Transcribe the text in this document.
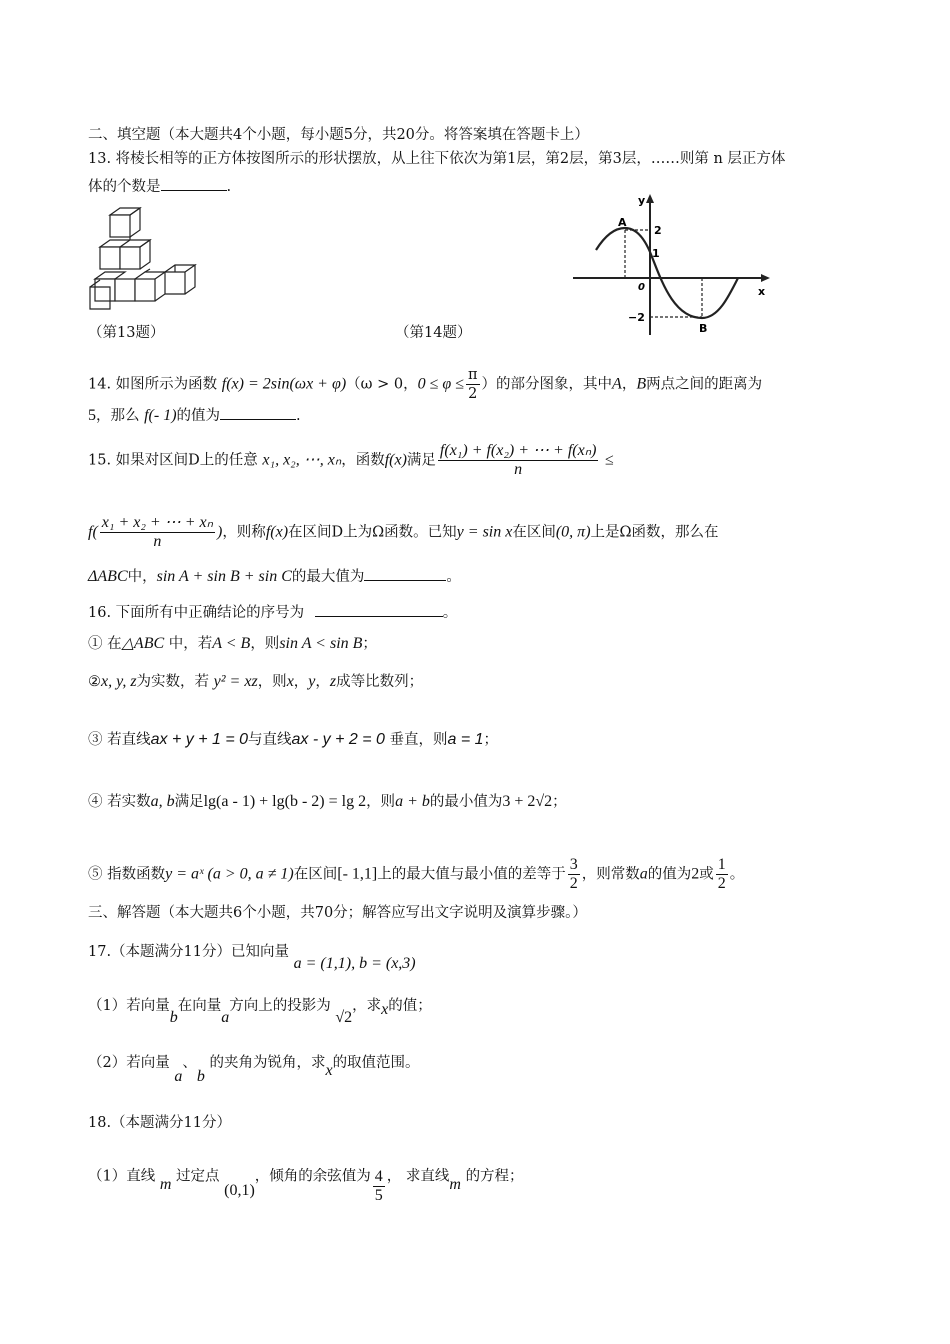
二、填空题（本大题共4个小题，每小题5分，共20分。将答案填在答题卡上）
13. 将棱长相等的正方体按图所示的形状摆放，从上往下依次为第1层，第2层，第3层，……则第 n 层正方体
体的个数是	.
（第13题）	（第14题）
y
x
0
A
B
2
1
−2
14. 如图所示为函数 f(x) = 2sin(ωx + φ)（ω > 0，$0 \le \varphi \le \frac{\pi}{2}$ ）的部分图象，其中A，B两点之间的距离为
5，那么 f(- 1)的值为	.
15. 如果对区间D上的任意 x₁, x₂, ⋯, xₙ，函数f(x)满足 $\frac{\text{f(x₁) + f(x₂) + ⋯ + f(xₙ)}}{n}$ ≤
$f( \frac{\text{x₁ + x₂ + ⋯ + xₙ}}{n}$ )，则称f(x)在区间D上为Ω函数。已知y = sin x在区间(0, π)上是Ω函数，那么在
ΔABC中，sin A + sin B + sin C的最大值为	。
16. 下面所有中正确结论的序号为	。
① 在△ABC 中，若A < B，则sin A < sin B；
②x, y, z为实数，若 y² = xz，则x，y，z成等比数列；
③ 若直线ax + y + 1 = 0与直线ax - y + 2 = 0 垂直，则a = 1；
④ 若实数a, b满足lg(a - 1) + lg(b - 2) = lg 2，则a + b的最小值为3 + 2√2；
⑤ 指数函数y = aˣ (a > 0, a ≠ 1)在区间[- 1,1]上的最大值与最小值的差等于 $\frac{3}{2}$ ，则常数a的值为2或 $\frac{1}{2}$ 。
三、解答题（本大题共6个小题，共70分；解答应写出文字说明及演算步骤。）
17.（本题满分11分）已知向量 a = (1,1), b = (x,3)
（1）若向量b在向量a方向上的投影为 √2，求x的值；
（2）若向量 a、b 的夹角为锐角，求x的取值范围。
18.（本题满分11分）
（1）直线 m 过定点 (0,1)，倾角的余弦值为 $\frac{4}{5}$ ， 求直线m 的方程；
